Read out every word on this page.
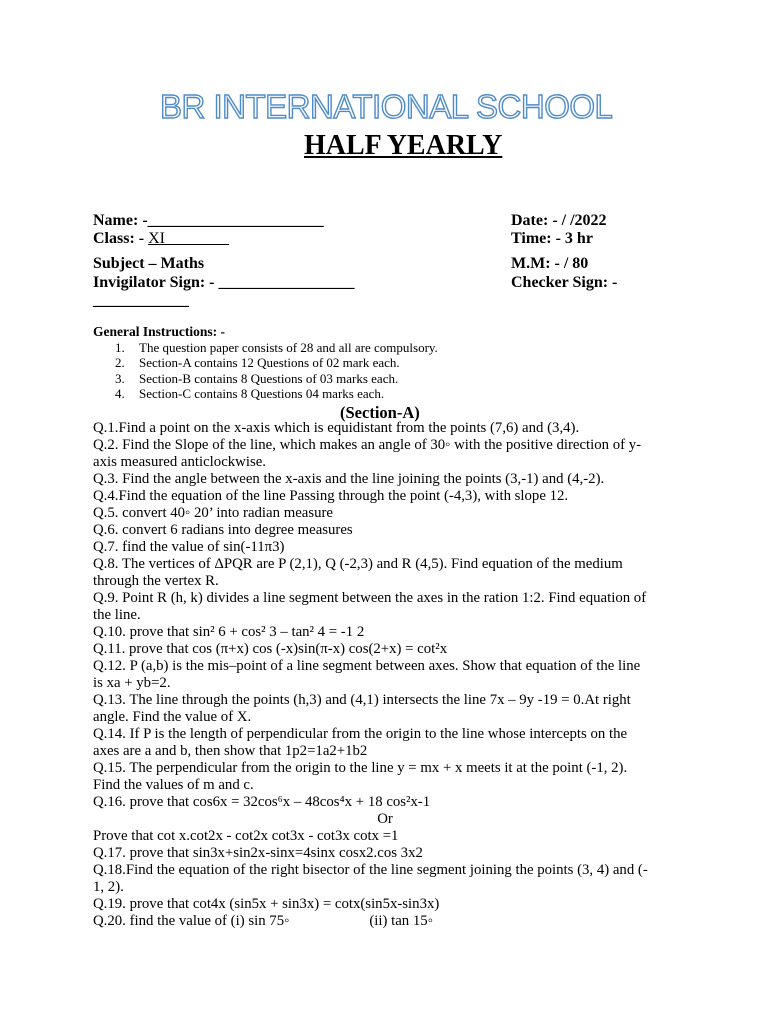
BR INTERNATIONAL SCHOOL
HALF YEARLY
Name: -______________________	Date: - / /2022
Class: - XI________	Time: - 3 hr
Subject – Maths	M.M: - / 80
Invigilator Sign: - _________________	Checker Sign: -
____________
General Instructions: -
1. The question paper consists of 28 and all are compulsory.
2. Section-A contains 12 Questions of 02 mark each.
3. Section-B contains 8 Questions of 03 marks each.
4. Section-C contains 8 Questions 04 marks each.
(Section-A)
Q.1.Find a point on the x-axis which is equidistant from the points (7,6) and (3,4).
Q.2. Find the Slope of the line, which makes an angle of 30◦ with the positive direction of y-
axis measured anticlockwise.
Q.3. Find the angle between the x-axis and the line joining the points (3,-1) and (4,-2).
Q.4.Find the equation of the line Passing through the point (-4,3), with slope 12.
Q.5. convert 40◦ 20’ into radian measure
Q.6. convert 6 radians into degree measures
Q.7. find the value of sin(-11π3)
Q.8. The vertices of ΔPQR are P (2,1), Q (-2,3) and R (4,5). Find equation of the medium
through the vertex R.
Q.9. Point R (h, k) divides a line segment between the axes in the ration 1:2. Find equation of
the line.
Q.10. prove that sin² 6 + cos² 3 – tan² 4 = -1 2
Q.11. prove that cos (π+x) cos (-x)sin(π-x) cos(2+x) = cot²x
Q.12. P (a,b) is the mis–point of a line segment between axes. Show that equation of the line
is xa + yb=2.
Q.13. The line through the points (h,3) and (4,1) intersects the line 7x – 9y -19 = 0.At right
angle. Find the value of X.
Q.14. If P is the length of perpendicular from the origin to the line whose intercepts on the
axes are a and b, then show that 1p2=1a2+1b2
Q.15. The perpendicular from the origin to the line y = mx + x meets it at the point (-1, 2).
Find the values of m and c.
Q.16. prove that cos6x = 32cos⁶x – 48cos⁴x + 18 cos²x-1
Or
Prove that cot x.cot2x - cot2x cot3x - cot3x cotx =1
Q.17. prove that sin3x+sin2x-sinx=4sinx cosx2.cos 3x2
Q.18.Find the equation of the right bisector of the line segment joining the points (3, 4) and (-
1, 2).
Q.19. prove that cot4x (sin5x + sin3x) = cotx(sin5x-sin3x)
Q.20. find the value of (i) sin 75◦	(ii) tan 15◦
